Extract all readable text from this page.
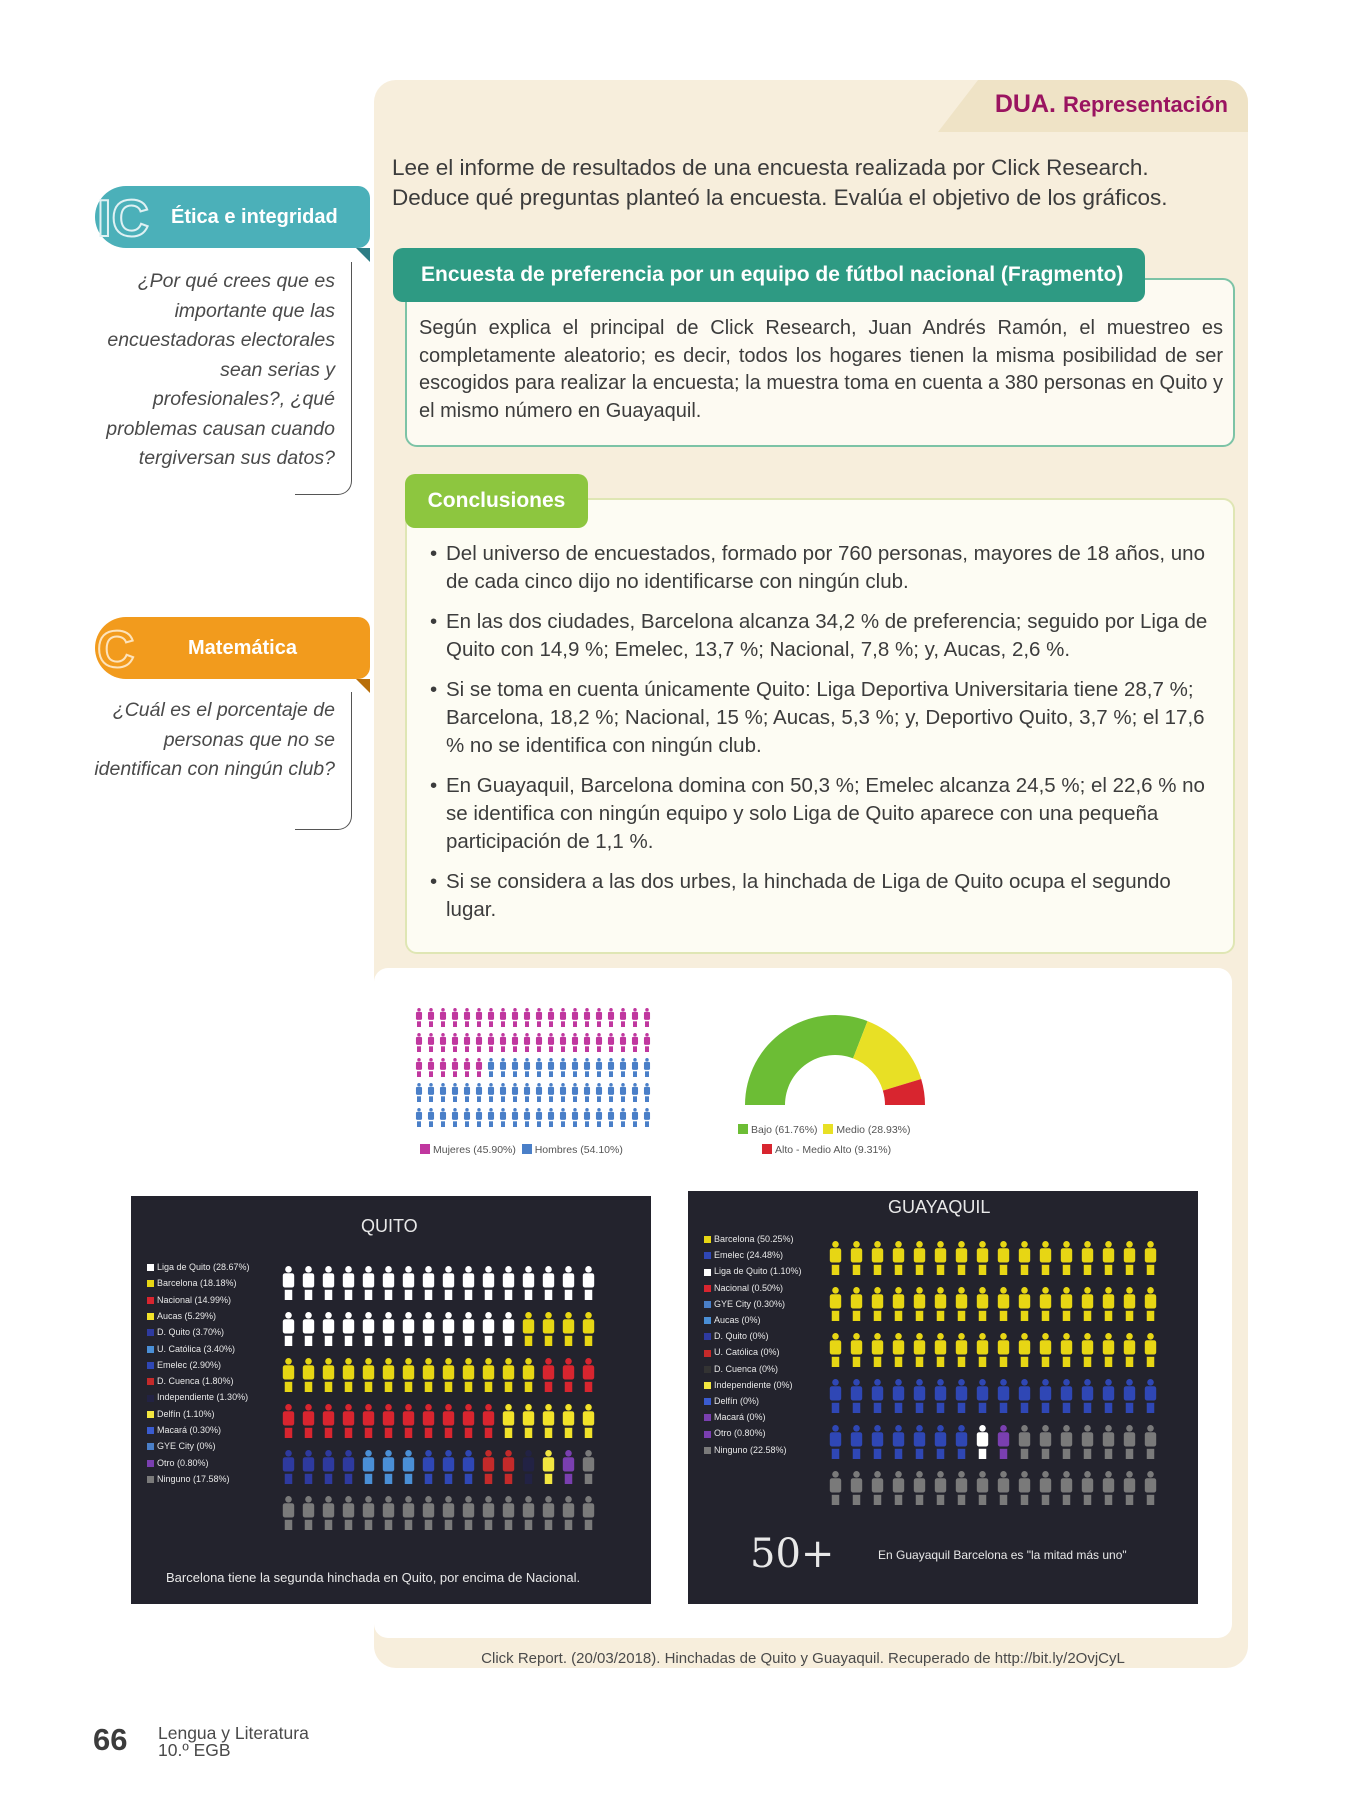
DUA. Representación
Lee el informe de resultados de una encuesta realizada por Click Research. Deduce qué preguntas planteó la encuesta. Evalúa el objetivo de los gráficos.
Encuesta de preferencia por un equipo de fútbol nacional (Fragmento)
Según explica el principal de Click Research, Juan Andrés Ramón, el muestreo es completamente aleatorio; es decir, todos los hogares tienen la misma posibilidad de ser escogidos para realizar la encuesta; la muestra toma en cuenta a 380 personas en Quito y el mismo número en Guayaquil.
Conclusiones
• Del universo de encuestados, formado por 760 personas, mayores de 18 años, uno de cada cinco dijo no identificarse con ningún club.
• En las dos ciudades, Barcelona alcanza 34,2 % de preferencia; seguido por Liga de Quito con 14,9 %; Emelec, 13,7 %; Nacional, 7,8 %; y, Aucas, 2,6 %.
• Si se toma en cuenta únicamente Quito: Liga Deportiva Universitaria tiene 28,7 %; Barcelona, 18,2 %; Nacional, 15 %; Aucas, 5,3 %; y, Deportivo Quito, 3,7 %; el 17,6 % no se identifica con ningún club.
• En Guayaquil, Barcelona domina con 50,3 %; Emelec alcanza 24,5 %; el 22,6 % no se identifica con ningún equipo y solo Liga de Quito aparece con una pequeña participación de 1,1 %.
• Si se considera a las dos urbes, la hinchada de Liga de Quito ocupa el segundo lugar.
IC Ética e integridad
¿Por qué crees que es importante que las encuestadoras electorales sean serias y profesionales?, ¿qué problemas causan cuando tergiversan sus datos?
C	Matemática
¿Cuál es el porcentaje de personas que no se identifican con ningún club?
Mujeres (45.90%) Hombres (54.10%)
Bajo (61.76%) Medio (28.93%)
Alto - Medio Alto (9.31%)
QUITO
Liga de Quito (28.67%)
Barcelona (18.18%)
Nacional (14.99%)
Aucas (5.29%)
D. Quito (3.70%)
U. Católica (3.40%)
Emelec (2.90%)
D. Cuenca (1.80%)
Independiente (1.30%)
Delfín (1.10%)
Macará (0.30%)
GYE City (0%)
Otro (0.80%)
Ninguno (17.58%)
Barcelona tiene la segunda hinchada en Quito, por encima de Nacional.
GUAYAQUIL
Barcelona (50.25%)
Emelec (24.48%)
Liga de Quito (1.10%)
Nacional (0.50%)
GYE City (0.30%)
Aucas (0%)
D. Quito (0%)
U. Católica (0%)
D. Cuenca (0%)
Independiente (0%)
Delfín (0%)
Macará (0%)
Otro (0.80%)
Ninguno (22.58%)
50+	En Guayaquil Barcelona es "la mitad más uno"
Click Report. (20/03/2018). Hinchadas de Quito y Guayaquil. Recuperado de http://bit.ly/2OvjCyL
66 Lengua y Literatura
10.º EGB
